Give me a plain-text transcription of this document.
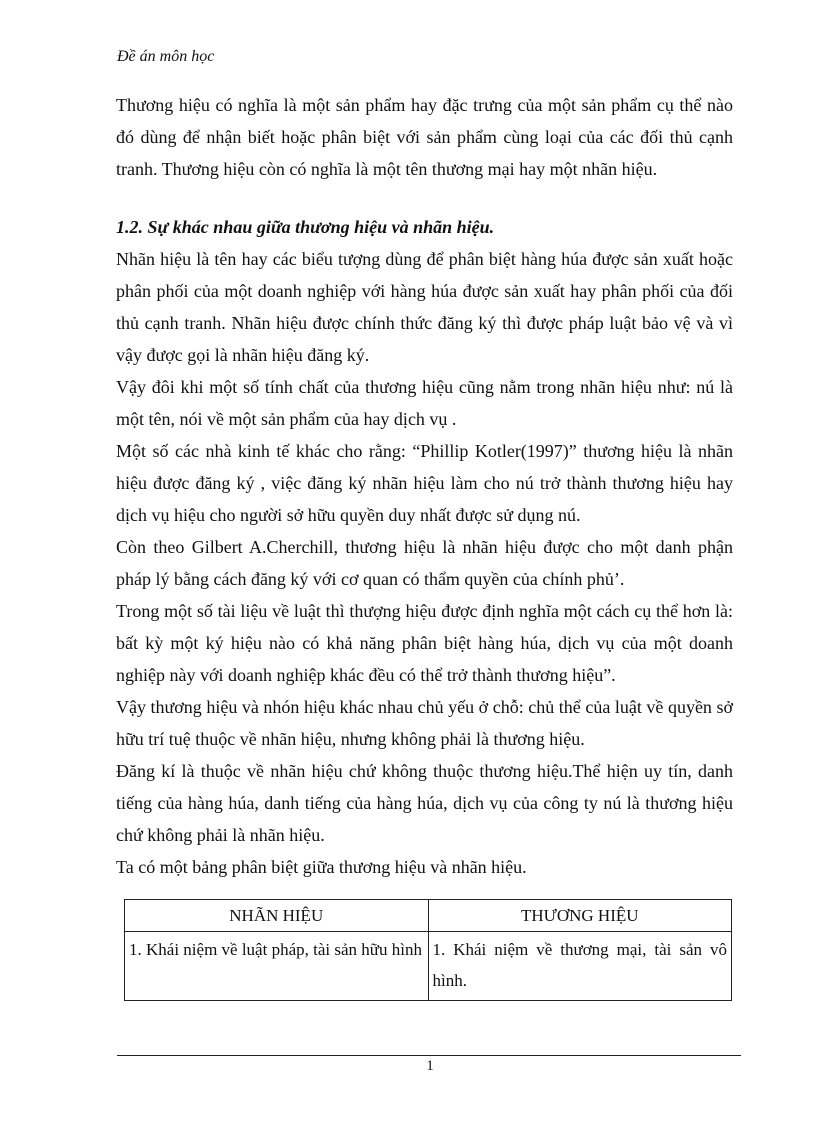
Đề án môn học

Thương hiệu có nghĩa là một sản phẩm hay đặc trưng của một sản phẩm cụ thể nào đó dùng để nhận biết hoặc phân biệt với sản phẩm cùng loại của các đối thủ cạnh tranh. Thương hiệu còn có nghĩa là một tên thương mại hay một nhãn hiệu.

1.2. Sự khác nhau giữa thương hiệu và nhãn hiệu.

Nhãn hiệu là tên hay các biểu tượng dùng để phân biệt hàng húa được sản xuất hoặc phân phối của một doanh nghiệp với hàng húa được sản xuất hay phân phối của đối thủ cạnh tranh. Nhãn hiệu được chính thức đăng ký thì được pháp luật bảo vệ và vì vậy được gọi là nhãn hiệu đăng ký.

Vậy đôi khi một số tính chất của thương hiệu cũng nằm trong nhãn hiệu như: nú là một tên, nói về một sản phẩm của hay dịch vụ .

Một số các nhà kinh tế khác cho rằng: “Phillip Kotler(1997)” thương hiệu là nhãn hiệu được đăng ký , việc đăng ký nhãn hiệu làm cho nú trở thành thương hiệu hay dịch vụ hiệu cho người sở hữu quyền duy nhất được sử dụng nú.

Còn theo Gilbert A.Cherchill, thương hiệu là nhãn hiệu được cho một danh phận pháp lý bằng cách đăng ký với cơ quan có thẩm quyền của chính phủ’.

Trong một số tài liệu về luật thì thượng hiệu được định nghĩa một cách cụ thể hơn là: bất kỳ một ký hiệu nào có khả năng phân biệt hàng húa, dịch vụ của một doanh nghiệp này với doanh nghiệp khác đều có thể trở thành thương hiệu”.

Vậy thương hiệu và nhón hiệu khác nhau chủ yếu ở chỗ: chủ thể của luật về quyền sở hữu trí tuệ thuộc về nhãn hiệu, nhưng không phải là thương hiệu.

Đăng kí là thuộc về nhãn hiệu chứ không thuộc thương hiệu.Thể hiện uy tín, danh tiếng của hàng húa, danh tiếng của hàng húa, dịch vụ của công ty nú là thương hiệu chứ không phải là nhãn hiệu.

Ta có một bảng phân biệt giữa thương hiệu và nhãn hiệu.

NHÃN HIỆU	THƯƠNG HIỆU
1. Khái niệm về luật pháp, tài sản hữu hình	1. Khái niệm về thương mại, tài sản vô hình.
1
